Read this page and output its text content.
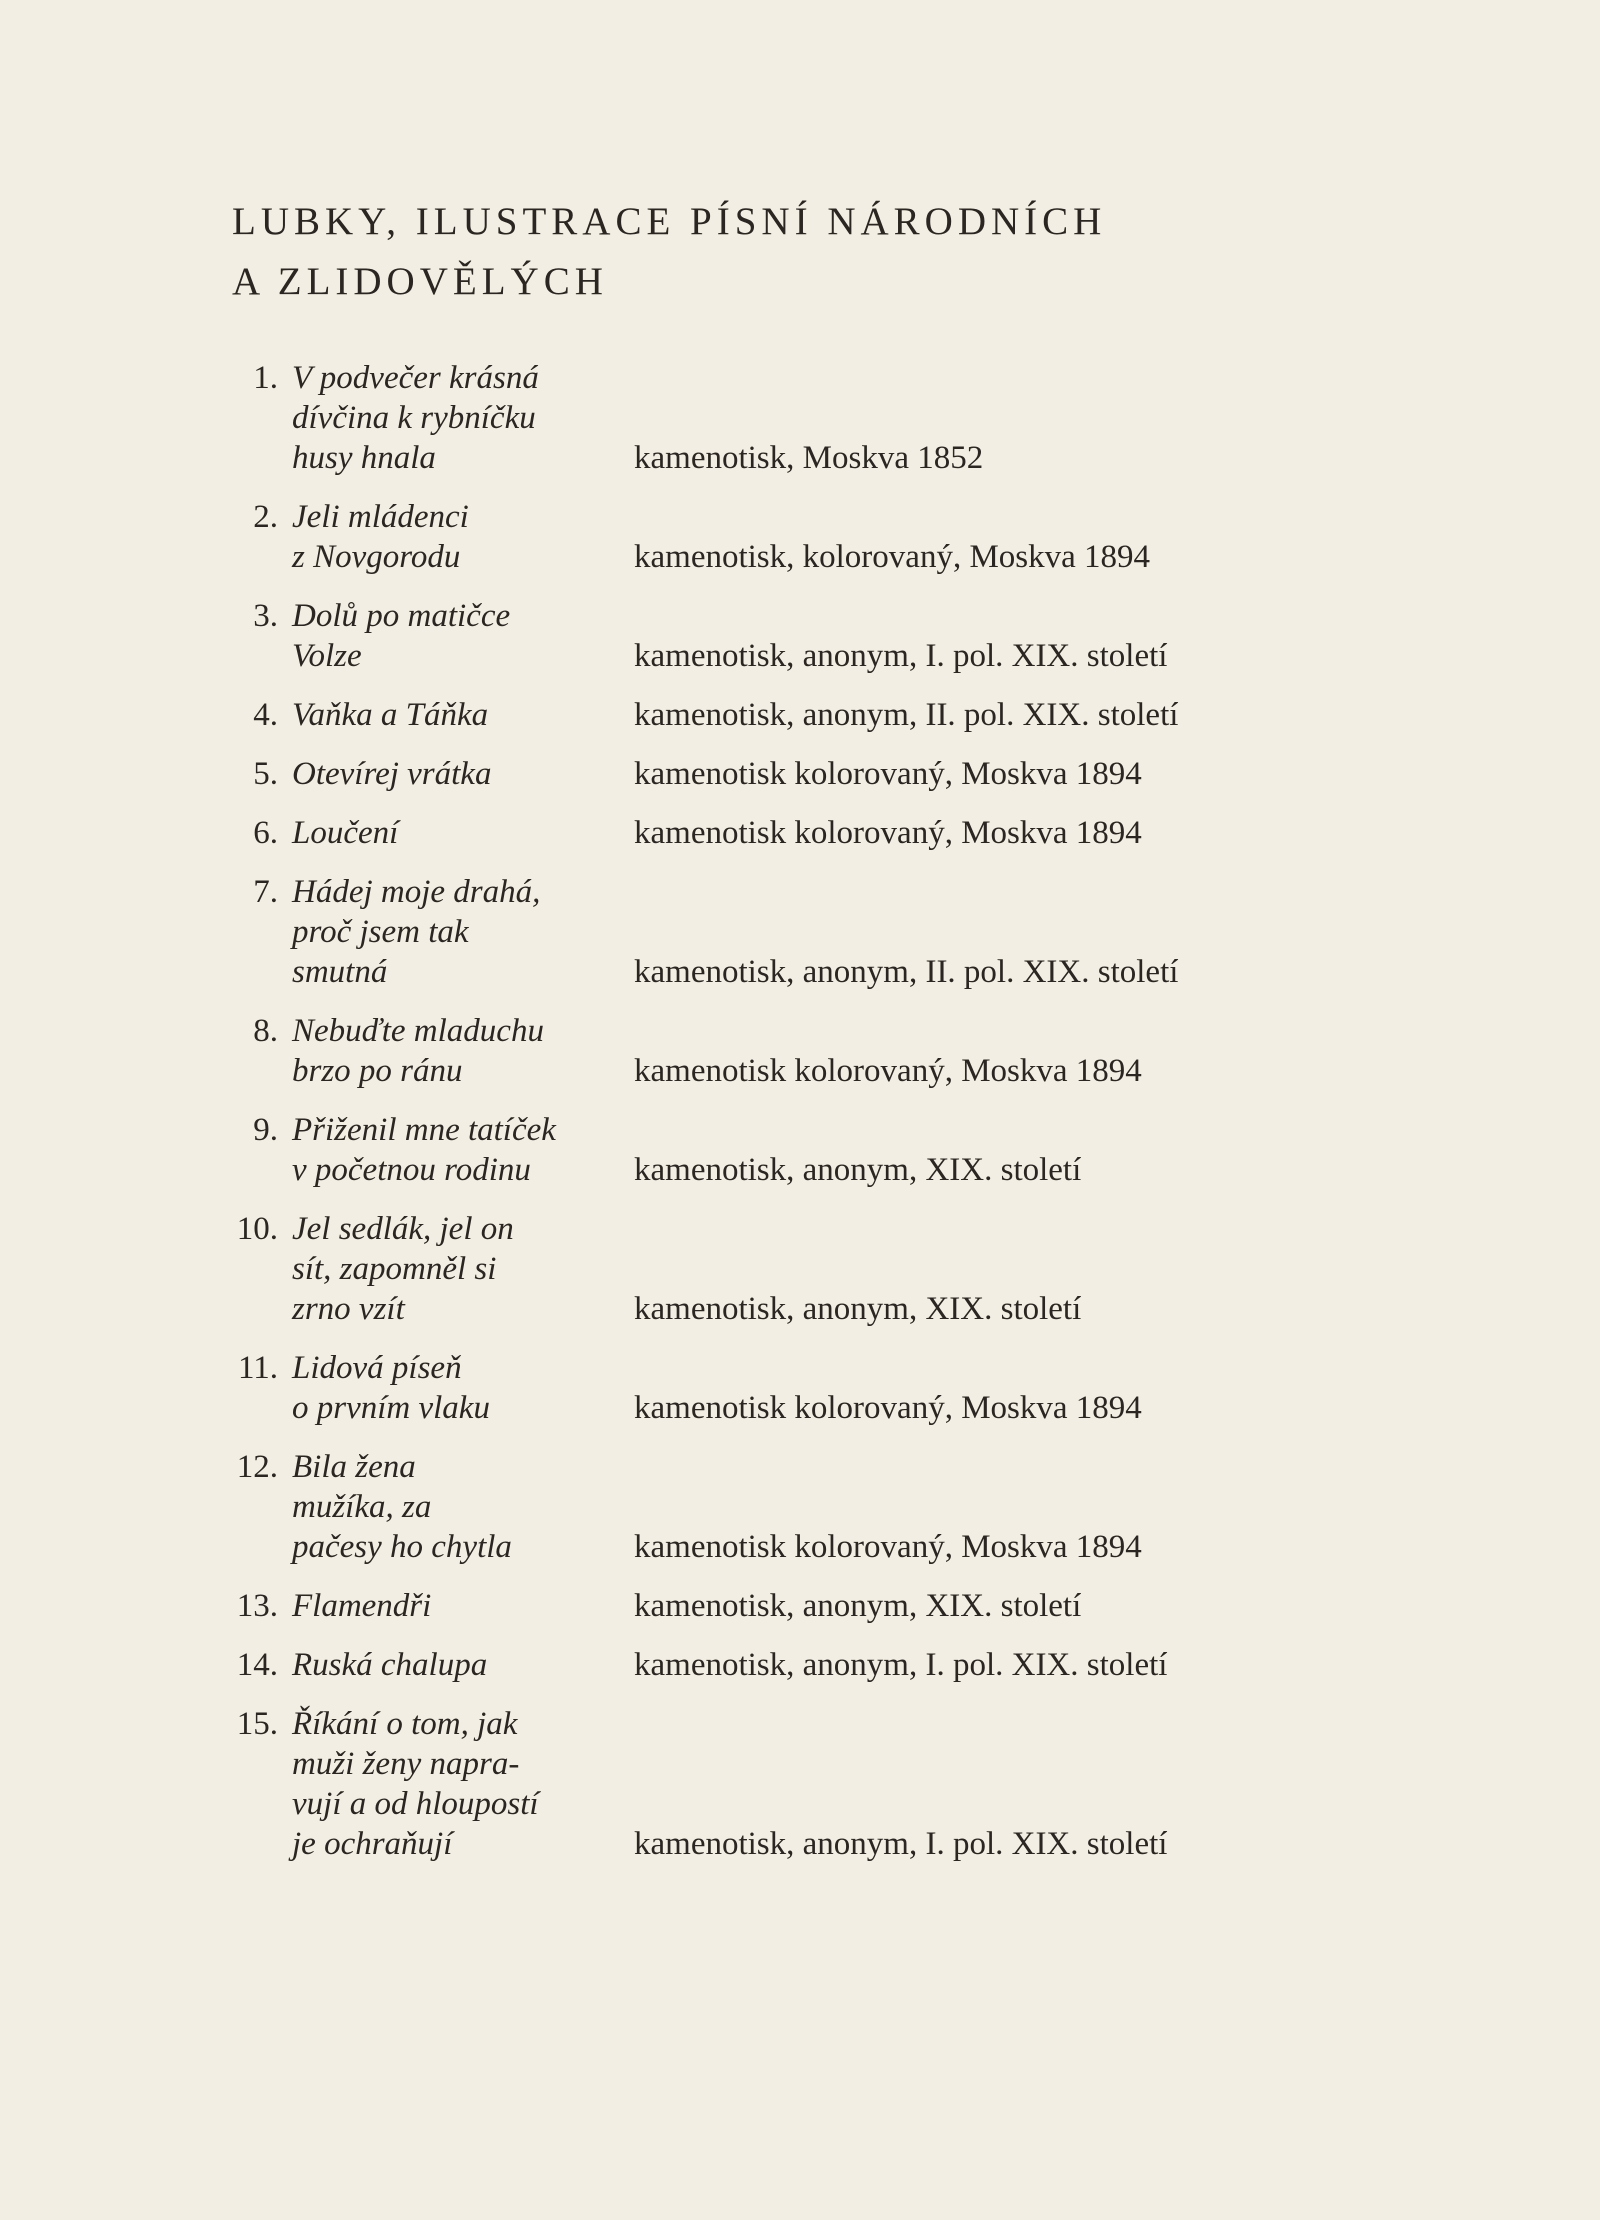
LUBKY, ILUSTRACE PÍSNÍ NÁRODNÍCH
A ZLIDOVĚLÝCH
1. V podvečer krásná
dívčina k rybníčku
husy hnala	kamenotisk, Moskva 1852
2. Jeli mládenci
z Novgorodu	kamenotisk, kolorovaný, Moskva 1894
3. Dolů po matičce
Volze	kamenotisk, anonym, I. pol. XIX. století
4. Vaňka a Táňka	kamenotisk, anonym, II. pol. XIX. století
5. Otevírej vrátka	kamenotisk kolorovaný, Moskva 1894
6. Loučení	kamenotisk kolorovaný, Moskva 1894
7. Hádej moje drahá,
proč jsem tak
smutná	kamenotisk, anonym, II. pol. XIX. století
8. Nebuďte mladuchu
brzo po ránu	kamenotisk kolorovaný, Moskva 1894
9. Přiženil mne tatíček
v početnou rodinu	kamenotisk, anonym, XIX. století
10. Jel sedlák, jel on
sít, zapomněl si
zrno vzít	kamenotisk, anonym, XIX. století
11. Lidová píseň
o prvním vlaku	kamenotisk kolorovaný, Moskva 1894
12. Bila žena
mužíka, za
pačesy ho chytla	kamenotisk kolorovaný, Moskva 1894
13. Flamendři	kamenotisk, anonym, XIX. století
14. Ruská chalupa	kamenotisk, anonym, I. pol. XIX. století
15. Říkání o tom, jak
muži ženy napra-
vují a od hloupostí
je ochraňují	kamenotisk, anonym, I. pol. XIX. století
